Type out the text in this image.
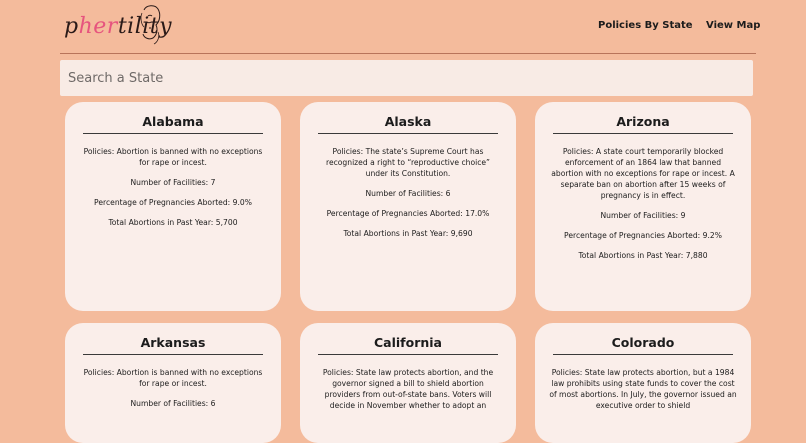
phertility	Policies By State View Map
Search a State
Alabama

Policies: Abortion is banned with no exceptions for rape or incest.

Number of Facilities: 7

Percentage of Pregnancies Aborted: 9.0%

Total Abortions in Past Year: 5,700

Alaska

Policies: The state’s Supreme Court has recognized a right to “reproductive choice” under its Constitution.

Number of Facilities: 6

Percentage of Pregnancies Aborted: 17.0%

Total Abortions in Past Year: 9,690

Arizona

Policies: A state court temporarily blocked enforcement of an 1864 law that banned abortion with no exceptions for rape or incest. A separate ban on abortion after 15 weeks of pregnancy is in effect.

Number of Facilities: 9

Percentage of Pregnancies Aborted: 9.2%

Total Abortions in Past Year: 7,880

Arkansas

Policies: Abortion is banned with no exceptions for rape or incest.

Number of Facilities: 6

California

Policies: State law protects abortion, and the governor signed a bill to shield abortion providers from out-of-state bans. Voters will decide in November whether to adopt an

Colorado

Policies: State law protects abortion, but a 1984 law prohibits using state funds to cover the cost of most abortions. In July, the governor issued an executive order to shield
